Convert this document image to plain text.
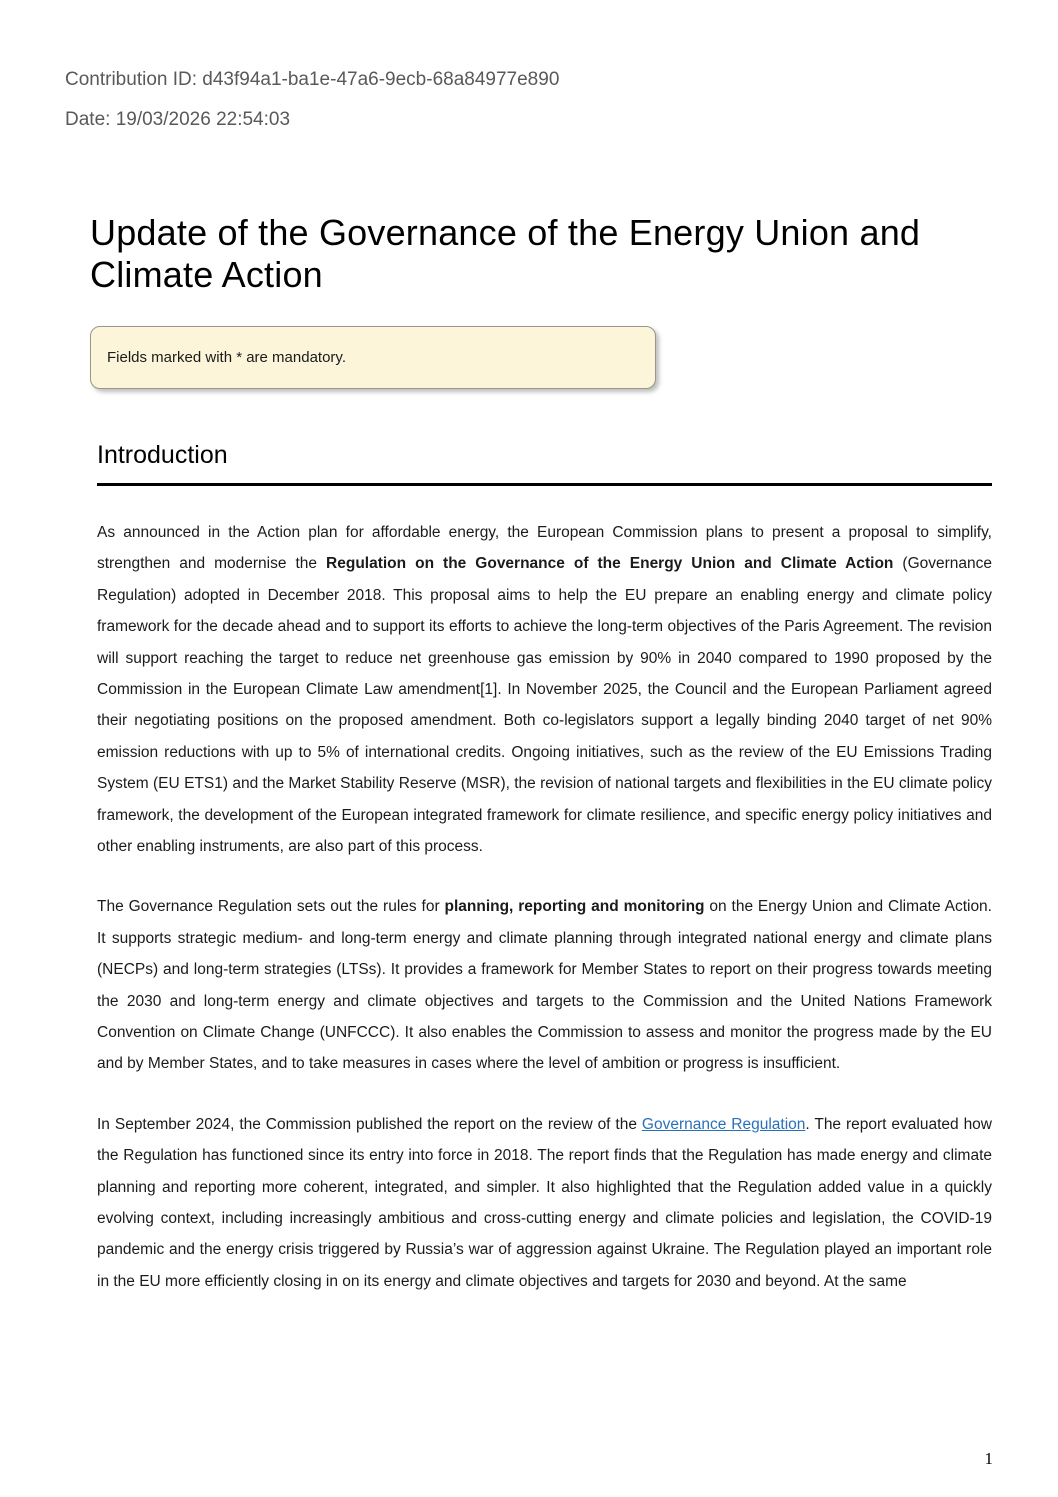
Contribution ID: d43f94a1-ba1e-47a6-9ecb-68a84977e890
Date: 19/03/2026 22:54:03
Update of the Governance of the Energy Union and Climate Action
Fields marked with * are mandatory.
Introduction

As announced in the Action plan for affordable energy, the European Commission plans to present a proposal to simplify, strengthen and modernise the Regulation on the Governance of the Energy Union and Climate Action (Governance Regulation) adopted in December 2018. This proposal aims to help the EU prepare an enabling energy and climate policy framework for the decade ahead and to support its efforts to achieve the long-term objectives of the Paris Agreement. The revision will support reaching the target to reduce net greenhouse gas emission by 90% in 2040 compared to 1990 proposed by the Commission in the European Climate Law amendment[1]. In November 2025, the Council and the European Parliament agreed their negotiating positions on the proposed amendment. Both co-legislators support a legally binding 2040 target of net 90% emission reductions with up to 5% of international credits. Ongoing initiatives, such as the review of the EU Emissions Trading System (EU ETS1) and the Market Stability Reserve (MSR), the revision of national targets and flexibilities in the EU climate policy framework, the development of the European integrated framework for climate resilience, and specific energy policy initiatives and other enabling instruments, are also part of this process.

The Governance Regulation sets out the rules for planning, reporting and monitoring on the Energy Union and Climate Action. It supports strategic medium- and long-term energy and climate planning through integrated national energy and climate plans (NECPs) and long-term strategies (LTSs). It provides a framework for Member States to report on their progress towards meeting the 2030 and long-term energy and climate objectives and targets to the Commission and the United Nations Framework Convention on Climate Change (UNFCCC). It also enables the Commission to assess and monitor the progress made by the EU and by Member States, and to take measures in cases where the level of ambition or progress is insufficient.

In September 2024, the Commission published the report on the review of the Governance Regulation. The report evaluated how the Regulation has functioned since its entry into force in 2018. The report finds that the Regulation has made energy and climate planning and reporting more coherent, integrated, and simpler. It also highlighted that the Regulation added value in a quickly evolving context, including increasingly ambitious and cross-cutting energy and climate policies and legislation, the COVID-19 pandemic and the energy crisis triggered by Russia’s war of aggression against Ukraine. The Regulation played an important role in the EU more efficiently closing in on its energy and climate objectives and targets for 2030 and beyond. At the same

1
